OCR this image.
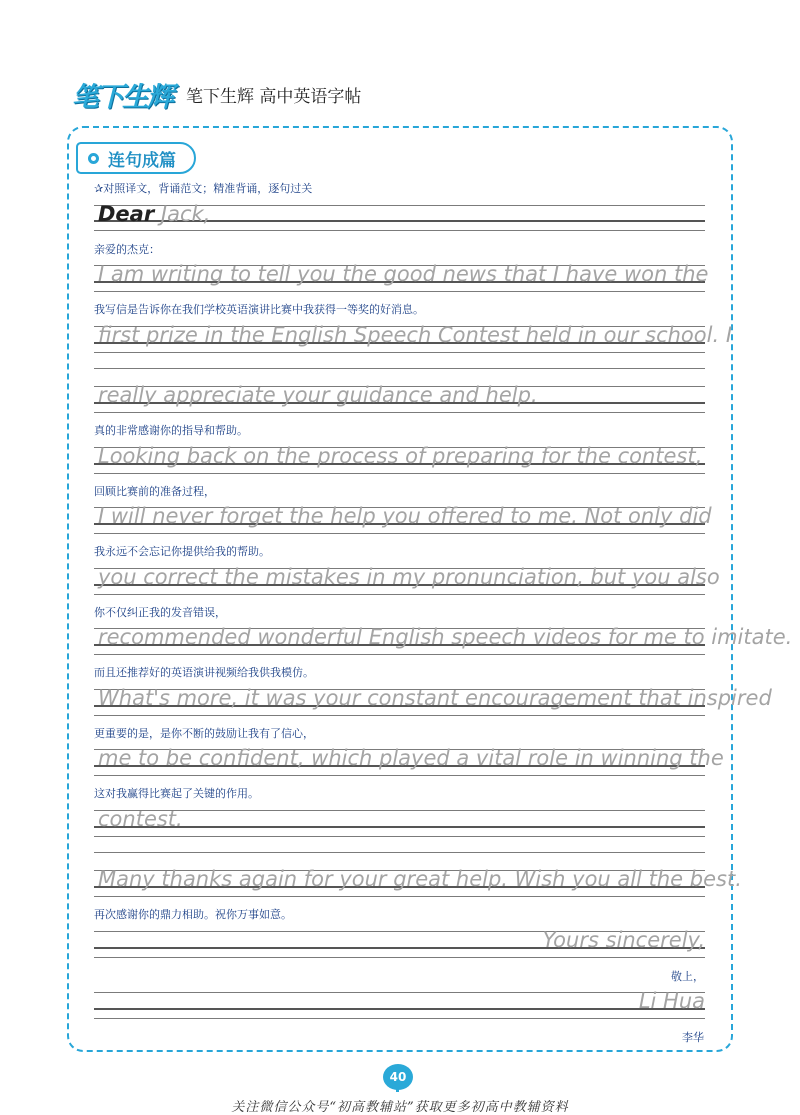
笔下生辉 笔下生辉 高中英语字帖
连句成篇
✰对照译文，背诵范文；精准背诵，逐句过关
Dear Jack,
亲爱的杰克：
I am writing to tell you the good news that I have won the
我写信是告诉你在我们学校英语演讲比赛中我获得一等奖的好消息。
first prize in the English Speech Contest held in our school. I
really appreciate your guidance and help.
真的非常感谢你的指导和帮助。
Looking back on the process of preparing for the contest,
回顾比赛前的准备过程，
I will never forget the help you offered to me. Not only did
我永远不会忘记你提供给我的帮助。
you correct the mistakes in my pronunciation, but you also
你不仅纠正我的发音错误，
recommended wonderful English speech videos for me to imitate.
而且还推荐好的英语演讲视频给我供我模仿。
What's more, it was your constant encouragement that inspired
更重要的是，是你不断的鼓励让我有了信心，
me to be confident, which played a vital role in winning the
这对我赢得比赛起了关键的作用。
contest.
Many thanks again for your great help. Wish you all the best.
再次感谢你的鼎力相助。祝你万事如意。
Yours sincerely,
敬上，
Li Hua
李华
40
关注微信公众号“初高教辅站”获取更多初高中教辅资料
